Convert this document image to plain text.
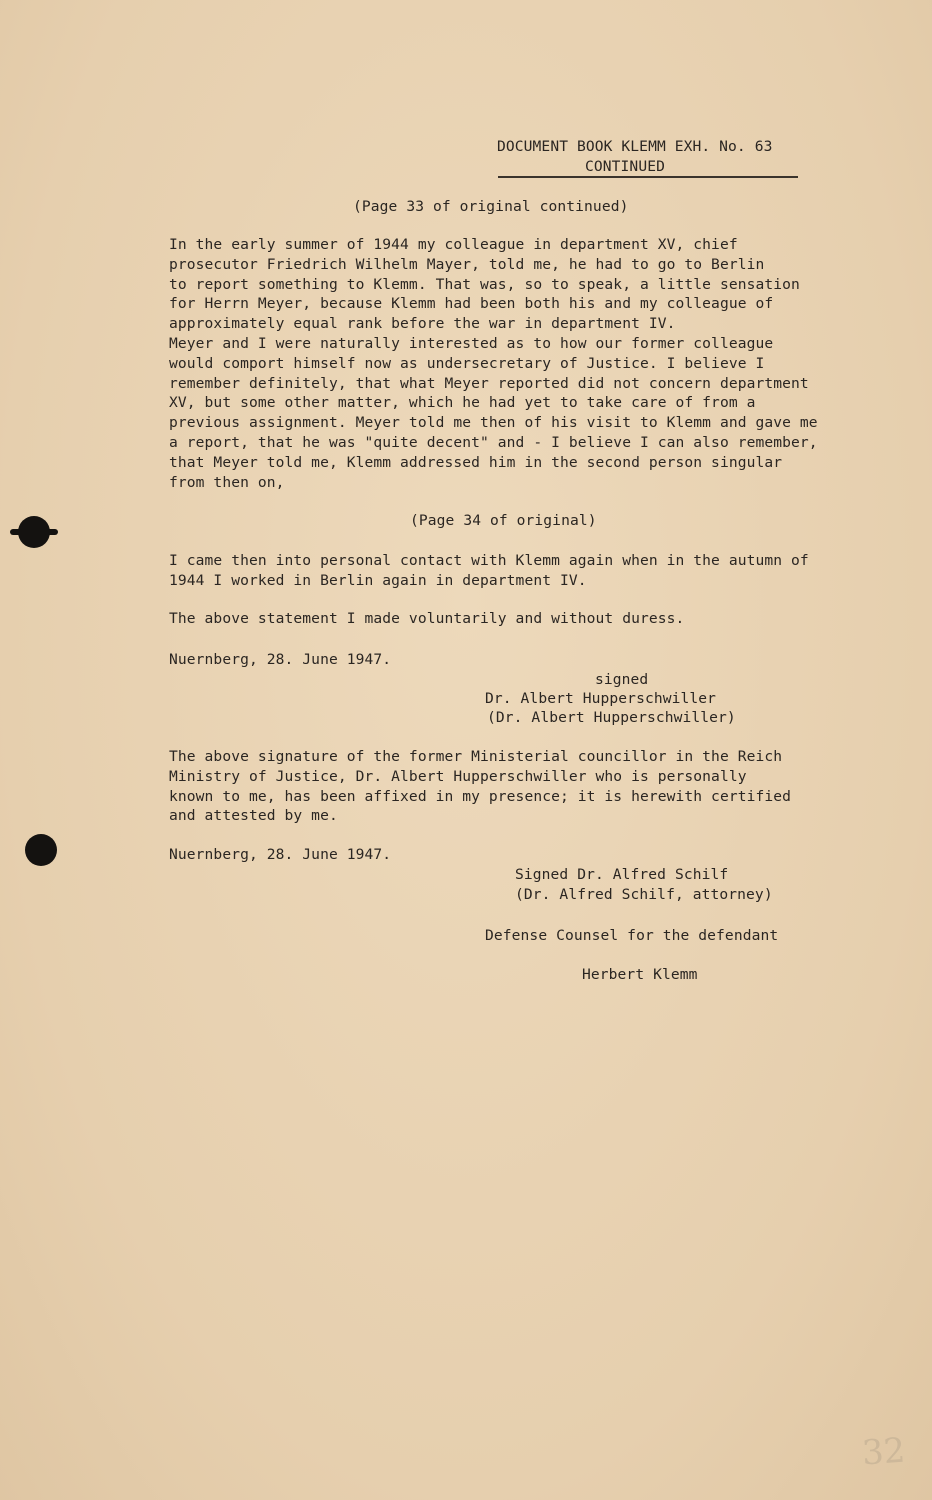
DOCUMENT BOOK KLEMM EXH. No. 63
CONTINUED
(Page 33 of original continued)
In the early summer of 1944 my colleague in department XV, chief
prosecutor Friedrich Wilhelm Mayer, told me, he had to go to Berlin
to report something to Klemm. That was, so to speak, a little sensation
for Herrn Meyer, because Klemm had been both his and my colleague of
approximately equal rank before the war in department IV.
Meyer and I were naturally interested as to how our former colleague
would comport himself now as undersecretary of Justice. I believe I
remember definitely, that what Meyer reported did not concern department
XV, but some other matter, which he had yet to take care of from a
previous assignment. Meyer told me then of his visit to Klemm and gave me
a report, that he was "quite decent" and - I believe I can also remember,
that Meyer told me, Klemm addressed him in the second person singular
from then on,
(Page 34 of original)
I came then into personal contact with Klemm again when in the autumn of
1944 I worked in Berlin again in department IV.
The above statement I made voluntarily and without duress.
Nuernberg, 28. June 1947.
signed
Dr. Albert Hupperschwiller
(Dr. Albert Hupperschwiller)
The above signature of the former Ministerial councillor in the Reich
Ministry of Justice, Dr. Albert Hupperschwiller who is personally
known to me, has been affixed in my presence; it is herewith certified
and attested by me.
Nuernberg, 28. June 1947.
Signed Dr. Alfred Schilf
(Dr. Alfred Schilf, attorney)
Defense Counsel for the defendant
Herbert Klemm
32
